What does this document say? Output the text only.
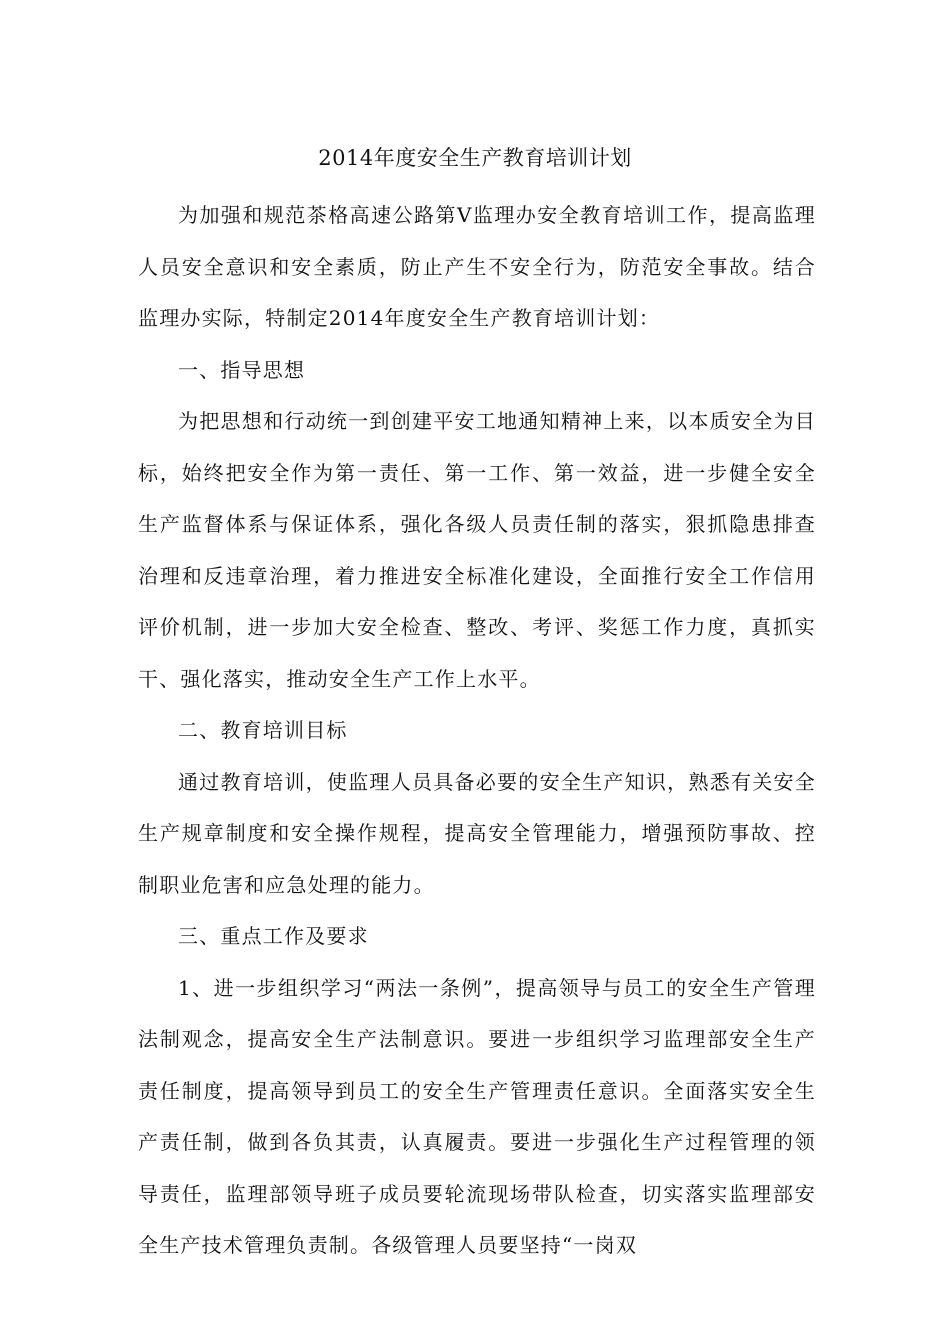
2014年度安全生产教育培训计划

为加强和规范茶格高速公路第Ⅴ监理办安全教育培训工作，提高监理人员安全意识和安全素质，防止产生不安全行为，防范安全事故。结合监理办实际，特制定2014年度安全生产教育培训计划：

一、指导思想

为把思想和行动统一到创建平安工地通知精神上来，以本质安全为目标，始终把安全作为第一责任、第一工作、第一效益，进一步健全安全生产监督体系与保证体系，强化各级人员责任制的落实，狠抓隐患排查治理和反违章治理，着力推进安全标准化建设，全面推行安全工作信用评价机制，进一步加大安全检查、整改、考评、奖惩工作力度，真抓实干、强化落实，推动安全生产工作上水平。

二、教育培训目标

通过教育培训，使监理人员具备必要的安全生产知识，熟悉有关安全生产规章制度和安全操作规程，提高安全管理能力，增强预防事故、控制职业危害和应急处理的能力。

三、重点工作及要求

1、进一步组织学习“两法一条例”，提高领导与员工的安全生产管理法制观念，提高安全生产法制意识。要进一步组织学习监理部安全生产责任制度，提高领导到员工的安全生产管理责任意识。全面落实安全生产责任制，做到各负其责，认真履责。要进一步强化生产过程管理的领导责任，监理部领导班子成员要轮流现场带队检查，切实落实监理部安全生产技术管理负责制。各级管理人员要坚持“一岗双
